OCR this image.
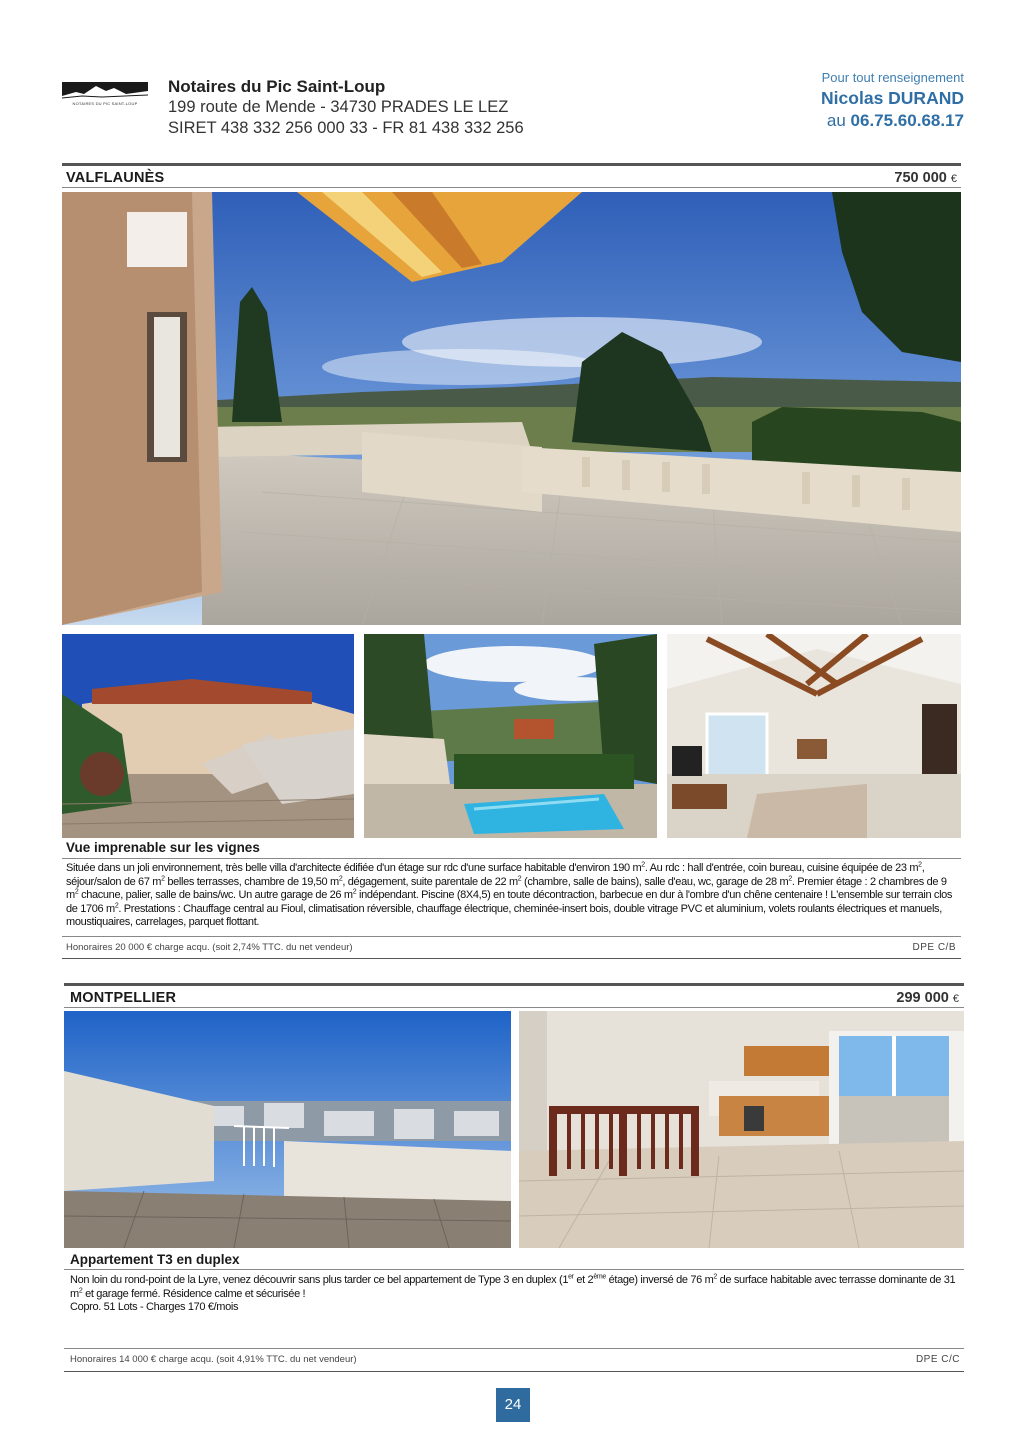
NOTAIRES DU PIC SAINT-LOUP
Notaires du Pic Saint-Loup
199 route de Mende - 34730 PRADES LE LEZ
SIRET 438 332 256 000 33 - FR 81 438 332 256
Pour tout renseignement
Nicolas DURAND
au 06.75.60.68.17
VALFLAUNÈS	750 000 €
Vue imprenable sur les vignes
Située dans un joli environnement, très belle villa d'architecte édifiée d'un étage sur rdc d'une surface habitable d'environ 190 $m^2$. Au rdc : hall d'entrée, coin bureau, cuisine équipée de 23 $m^2$, séjour/salon de 67 $m^2$ belles terrasses, chambre de 19,50 $m^2$, dégagement, suite parentale de 22 $m^2$ (chambre, salle de bains), salle d'eau, wc, garage de 28 $m^2$. Premier étage : 2 chambres de 9 $m^2$ chacune, palier, salle de bains/wc. Un autre garage de 26 $m^2$ indépendant. Piscine (8X4,5) en toute décontraction, barbecue en dur à l'ombre d'un chêne centenaire ! L'ensemble sur terrain clos de 1706 $m^2$. Prestations : Chauffage central au Fioul, climatisation réversible, chauffage électrique, cheminée-insert bois, double vitrage PVC et aluminium, volets roulants électriques et manuels, moustiquaires, carrelages, parquet flottant.
Honoraires 20 000 € charge acqu. (soit 2,74% TTC. du net vendeur)	DPE C/B
MONTPELLIER	299 000 €
Appartement T3 en duplex
Non loin du rond-point de la Lyre, venez découvrir sans plus tarder ce bel appartement de Type 3 en duplex (1er et 2ème étage) inversé de 76 $m^2$ de surface habitable avec terrasse dominante de 31 $m^2$ et garage fermé. Résidence calme et sécurisée !
Copro. 51 Lots - Charges 170 €/mois
Honoraires 14 000 € charge acqu. (soit 4,91% TTC. du net vendeur)	DPE C/C
24
